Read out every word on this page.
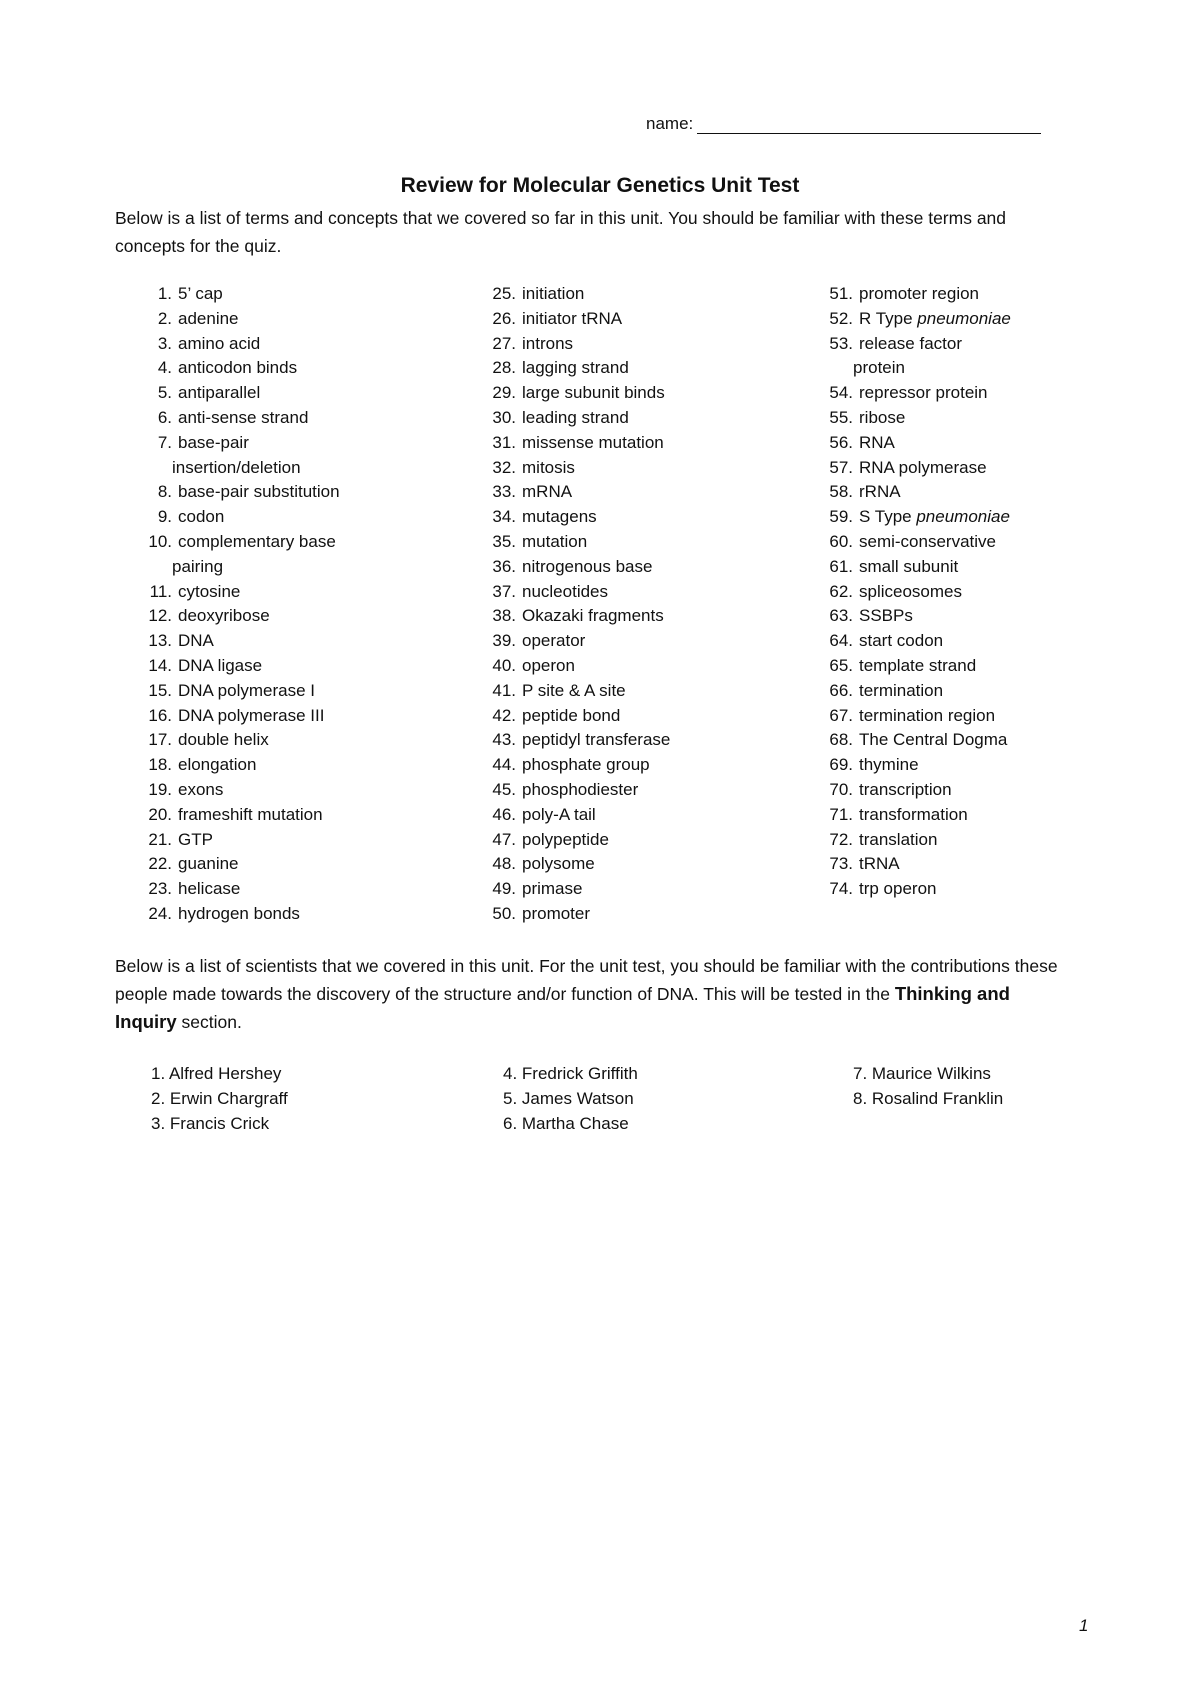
name:
Review for Molecular Genetics Unit Test
Below is a list of terms and concepts that we covered so far in this unit. You should be familiar with these terms and concepts for the quiz.
1. 5’ cap
2. adenine
3. amino acid
4. anticodon binds
5. antiparallel
6. anti-sense strand
7. base-pair
insertion/deletion
8. base-pair substitution
9. codon
10. complementary base
pairing
11. cytosine
12. deoxyribose
13. DNA
14. DNA ligase
15. DNA polymerase I
16. DNA polymerase III
17. double helix
18. elongation
19. exons
20. frameshift mutation
21. GTP
22. guanine
23. helicase
24. hydrogen bonds
25. initiation
26. initiator tRNA
27. introns
28. lagging strand
29. large subunit binds
30. leading strand
31. missense mutation
32. mitosis
33. mRNA
34. mutagens
35. mutation
36. nitrogenous base
37. nucleotides
38. Okazaki fragments
39. operator
40. operon
41. P site & A site
42. peptide bond
43. peptidyl transferase
44. phosphate group
45. phosphodiester
46. poly-A tail
47. polypeptide
48. polysome
49. primase
50. promoter
51. promoter region
52. R Type pneumoniae
53. release factor
protein
54. repressor protein
55. ribose
56. RNA
57. RNA polymerase
58. rRNA
59. S Type pneumoniae
60. semi-conservative
61. small subunit
62. spliceosomes
63. SSBPs
64. start codon
65. template strand
66. termination
67. termination region
68. The Central Dogma
69. thymine
70. transcription
71. transformation
72. translation
73. tRNA
74. trp operon
Below is a list of scientists that we covered in this unit. For the unit test, you should be familiar with the contributions these people made towards the discovery of the structure and/or function of DNA. This will be tested in the Thinking and Inquiry section.
1. Alfred Hershey
2. Erwin Chargraff
3. Francis Crick
4. Fredrick Griffith
5. James Watson
6. Martha Chase
7. Maurice Wilkins
8. Rosalind Franklin
1
